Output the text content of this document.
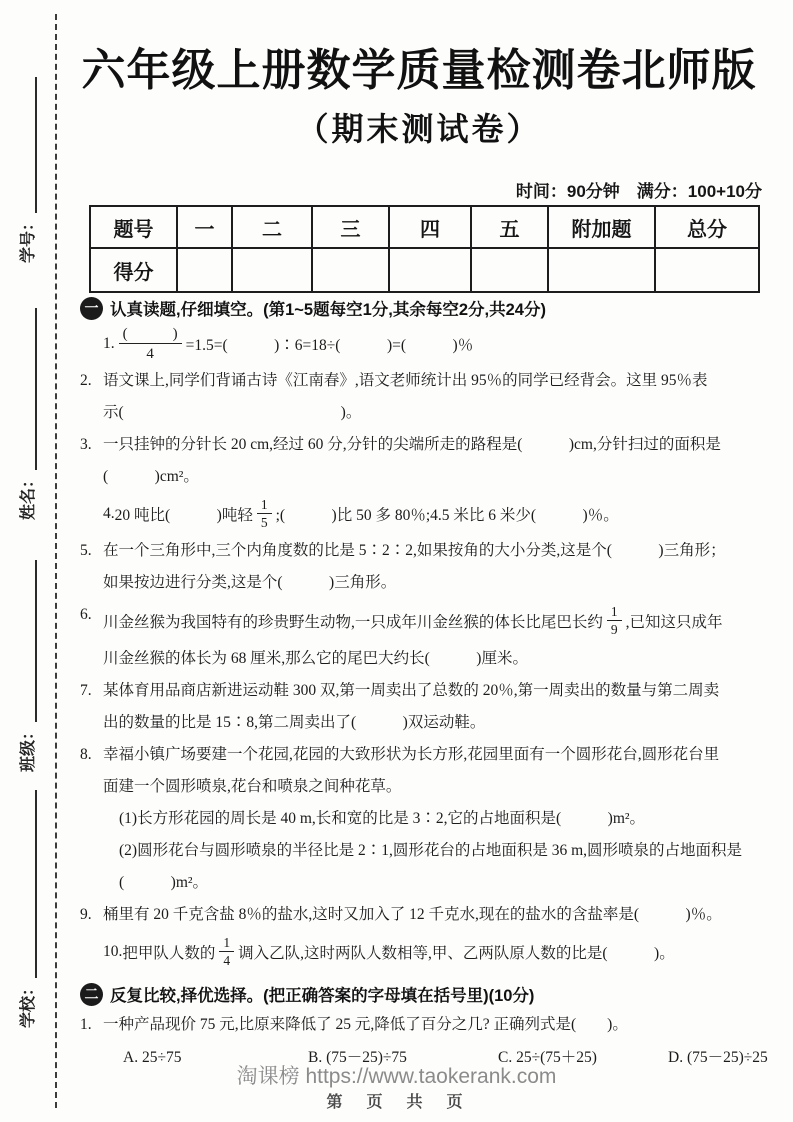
学号：
姓名：
班级：
学校：
六年级上册数学质量检测卷北师版
（期末测试卷）
时间：90分钟　满分：100+10分
题号	一	二	三	四	五	附加题	总分
得分							
一 认真读题,仔细填空。(第1~5题每空1分,其余每空2分,共24分)
1. $\frac{( )}{4} =1.5=$(　　　)∶6=18÷(　　　)=(　　　)％
2. 语文课上,同学们背诵古诗《江南春》,语文老师统计出 95％的同学已经背会。这里 95％表
示(　　　　　　　　　　　　　　)。
3. 一只挂钟的分针长 20 cm,经过 60 分,分针的尖端所走的路程是(　　　)cm,分针扫过的面积是
(　　　)cm²。
4. 20 吨比(　　　)吨轻 $\frac{1}{5}$ ;(　　　)比 50 多 80％;4.5 米比 6 米少(　　　)％。
5. 在一个三角形中,三个内角度数的比是 5∶2∶2,如果按角的大小分类,这是个(　　　)三角形；
如果按边进行分类,这是个(　　　)三角形。
6. 川金丝猴为我国特有的珍贵野生动物,一只成年川金丝猴的体长比尾巴长约 $\frac{1}{9}$ ,已知这只成年
川金丝猴的体长为 68 厘米,那么它的尾巴大约长(　　　)厘米。
7. 某体育用品商店新进运动鞋 300 双,第一周卖出了总数的 20％,第一周卖出的数量与第二周卖
出的数量的比是 15∶8,第二周卖出了(　　　)双运动鞋。
8. 幸福小镇广场要建一个花园,花园的大致形状为长方形,花园里面有一个圆形花台,圆形花台里
面建一个圆形喷泉,花台和喷泉之间种花草。
(1)长方形花园的周长是 40 m,长和宽的比是 3∶2,它的占地面积是(　　　)m²。
(2)圆形花台与圆形喷泉的半径比是 2∶1,圆形花台的占地面积是 36 m,圆形喷泉的占地面积是
(　　　)m²。
9. 桶里有 20 千克含盐 8％的盐水,这时又加入了 12 千克水,现在的盐水的含盐率是(　　　)％。
10. 把甲队人数的 $\frac{1}{4}$ 调入乙队,这时两队人数相等,甲、乙两队原人数的比是(　　　)。
二 反复比较,择优选择。(把正确答案的字母填在括号里)(10分)
1. 一种产品现价 75 元,比原来降低了 25 元,降低了百分之几? 正确列式是(　　)。
A. 25÷75	B. (75－25)÷75	C. 25÷(75＋25)	D. (75－25)÷25
淘课榜 https://www.taokerank.com
第　页　共　页
